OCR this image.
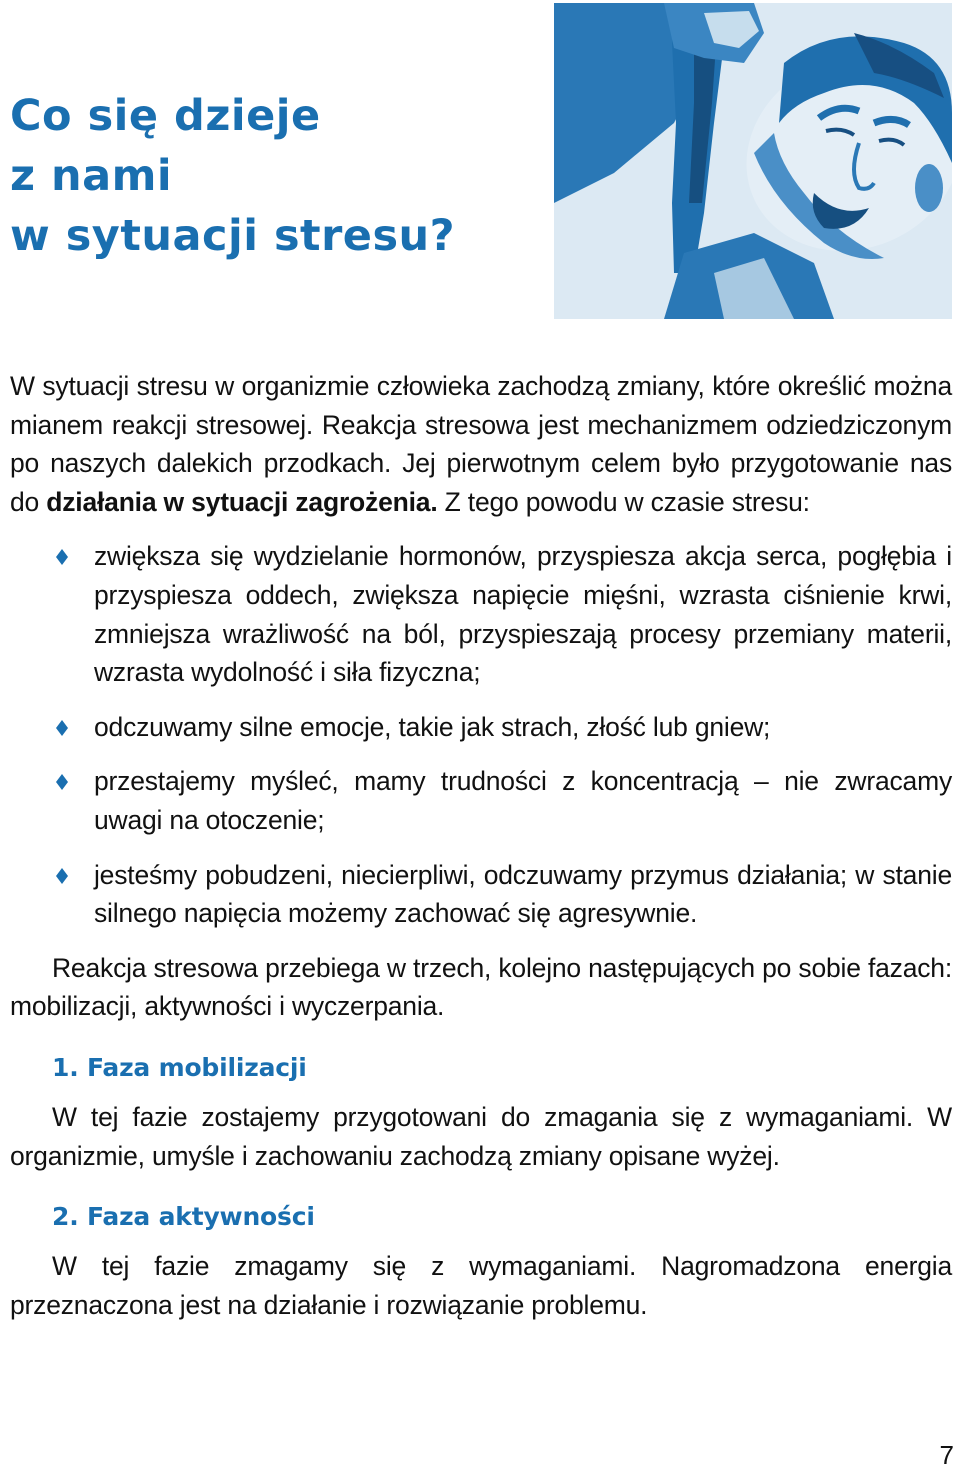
Co się dzieje
z nami
w sytuacji stresu?

W sytuacji stresu w organizmie człowieka zachodzą zmiany, które określić można mianem reakcji stresowej. Reakcja stresowa jest mechanizmem odziedziczonym po naszych dalekich przodkach. Jej pierwotnym celem było przygotowanie nas do działania w sytuacji zagrożenia. Z tego powodu w czasie stresu:

zwiększa się wydzielanie hormonów, przyspiesza akcja serca, pogłębia i przyspiesza oddech, zwiększa napięcie mięśni, wzrasta ciśnienie krwi, zmniejsza wrażliwość na ból, przyspieszają procesy przemiany materii, wzrasta wydolność i siła fizyczna;
odczuwamy silne emocje, takie jak strach, złość lub gniew;
przestajemy myśleć, mamy trudności z koncentracją – nie zwracamy uwagi na otoczenie;
jesteśmy pobudzeni, niecierpliwi, odczuwamy przymus działania; w stanie silnego napięcia możemy zachować się agresywnie.

Reakcja stresowa przebiega w trzech, kolejno następujących po sobie fazach: mobilizacji, aktywności i wyczerpania.

1. Faza mobilizacji

W tej fazie zostajemy przygotowani do zmagania się z wymaganiami. W organizmie, umyśle i zachowaniu zachodzą zmiany opisane wyżej.

2. Faza aktywności

W tej fazie zmagamy się z wymaganiami. Nagromadzona energia przeznaczona jest na działanie i rozwiązanie problemu.

7
